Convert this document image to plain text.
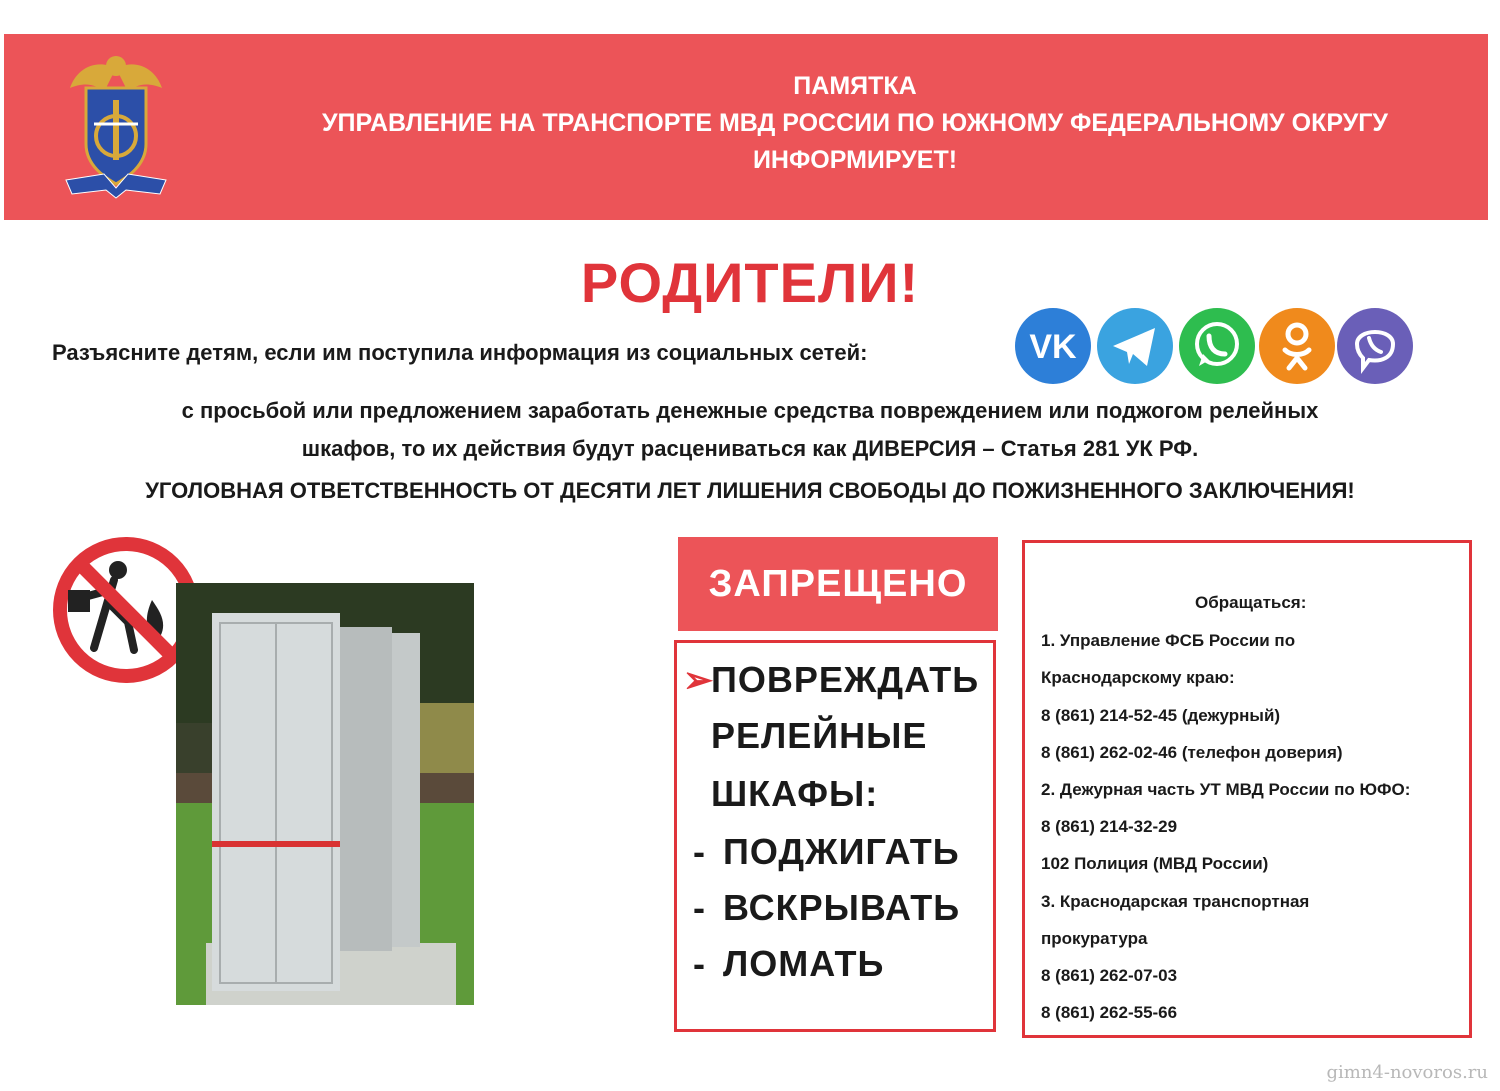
ПАМЯТКА
УПРАВЛЕНИЕ НА ТРАНСПОРТЕ МВД РОССИИ ПО ЮЖНОМУ ФЕДЕРАЛЬНОМУ ОКРУГУ
ИНФОРМИРУЕТ!
РОДИТЕЛИ!
Разъясните детям, если им поступила информация из социальных сетей:	VK
с просьбой или предложением заработать денежные средства повреждением или поджогом релейных
шкафов, то их действия будут расцениваться как ДИВЕРСИЯ – Статья 281 УК РФ.
УГОЛОВНАЯ ОТВЕТСТВЕННОСТЬ ОТ ДЕСЯТИ ЛЕТ ЛИШЕНИЯ СВОБОДЫ ДО ПОЖИЗНЕННОГО ЗАКЛЮЧЕНИЯ!
ЗАПРЕЩЕНО
➢
ПОВРЕЖДАТЬ
РЕЛЕЙНЫЕ
ШКАФЫ:
- ПОДЖИГАТЬ
- ВСКРЫВАТЬ
- ЛОМАТЬ
Обращаться:
1. Управление ФСБ России по
Краснодарскому краю:
8 (861) 214-52-45 (дежурный)
8 (861) 262-02-46 (телефон доверия)
2. Дежурная часть УТ МВД России по ЮФО:
8 (861) 214-32-29
102 Полиция (МВД России)
3. Краснодарская транспортная
прокуратура
8 (861) 262-07-03
8 (861) 262-55-66
gimn4-novoros.ru
